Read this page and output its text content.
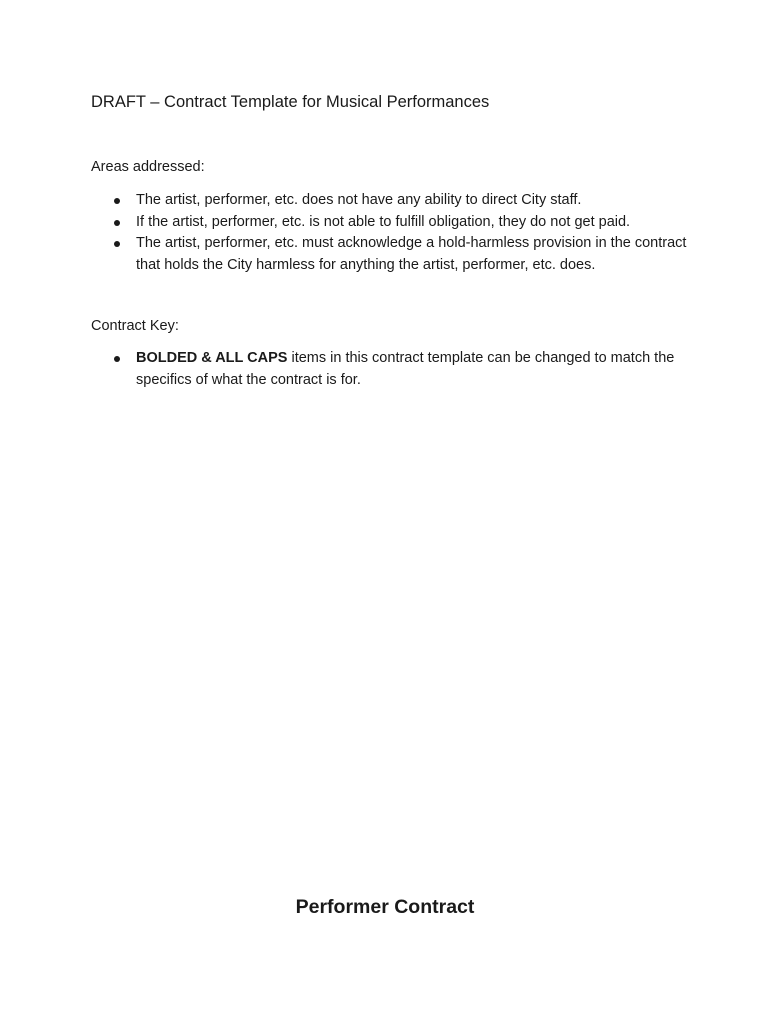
DRAFT – Contract Template for Musical Performances

Areas addressed:

The artist, performer, etc. does not have any ability to direct City staff.
If the artist, performer, etc. is not able to fulfill obligation, they do not get paid.
The artist, performer, etc. must acknowledge a hold-harmless provision in the contract that holds the City harmless for anything the artist, performer, etc. does.

Contract Key:

BOLDED & ALL CAPS items in this contract template can be changed to match the specifics of what the contract is for.
Performer Contract
